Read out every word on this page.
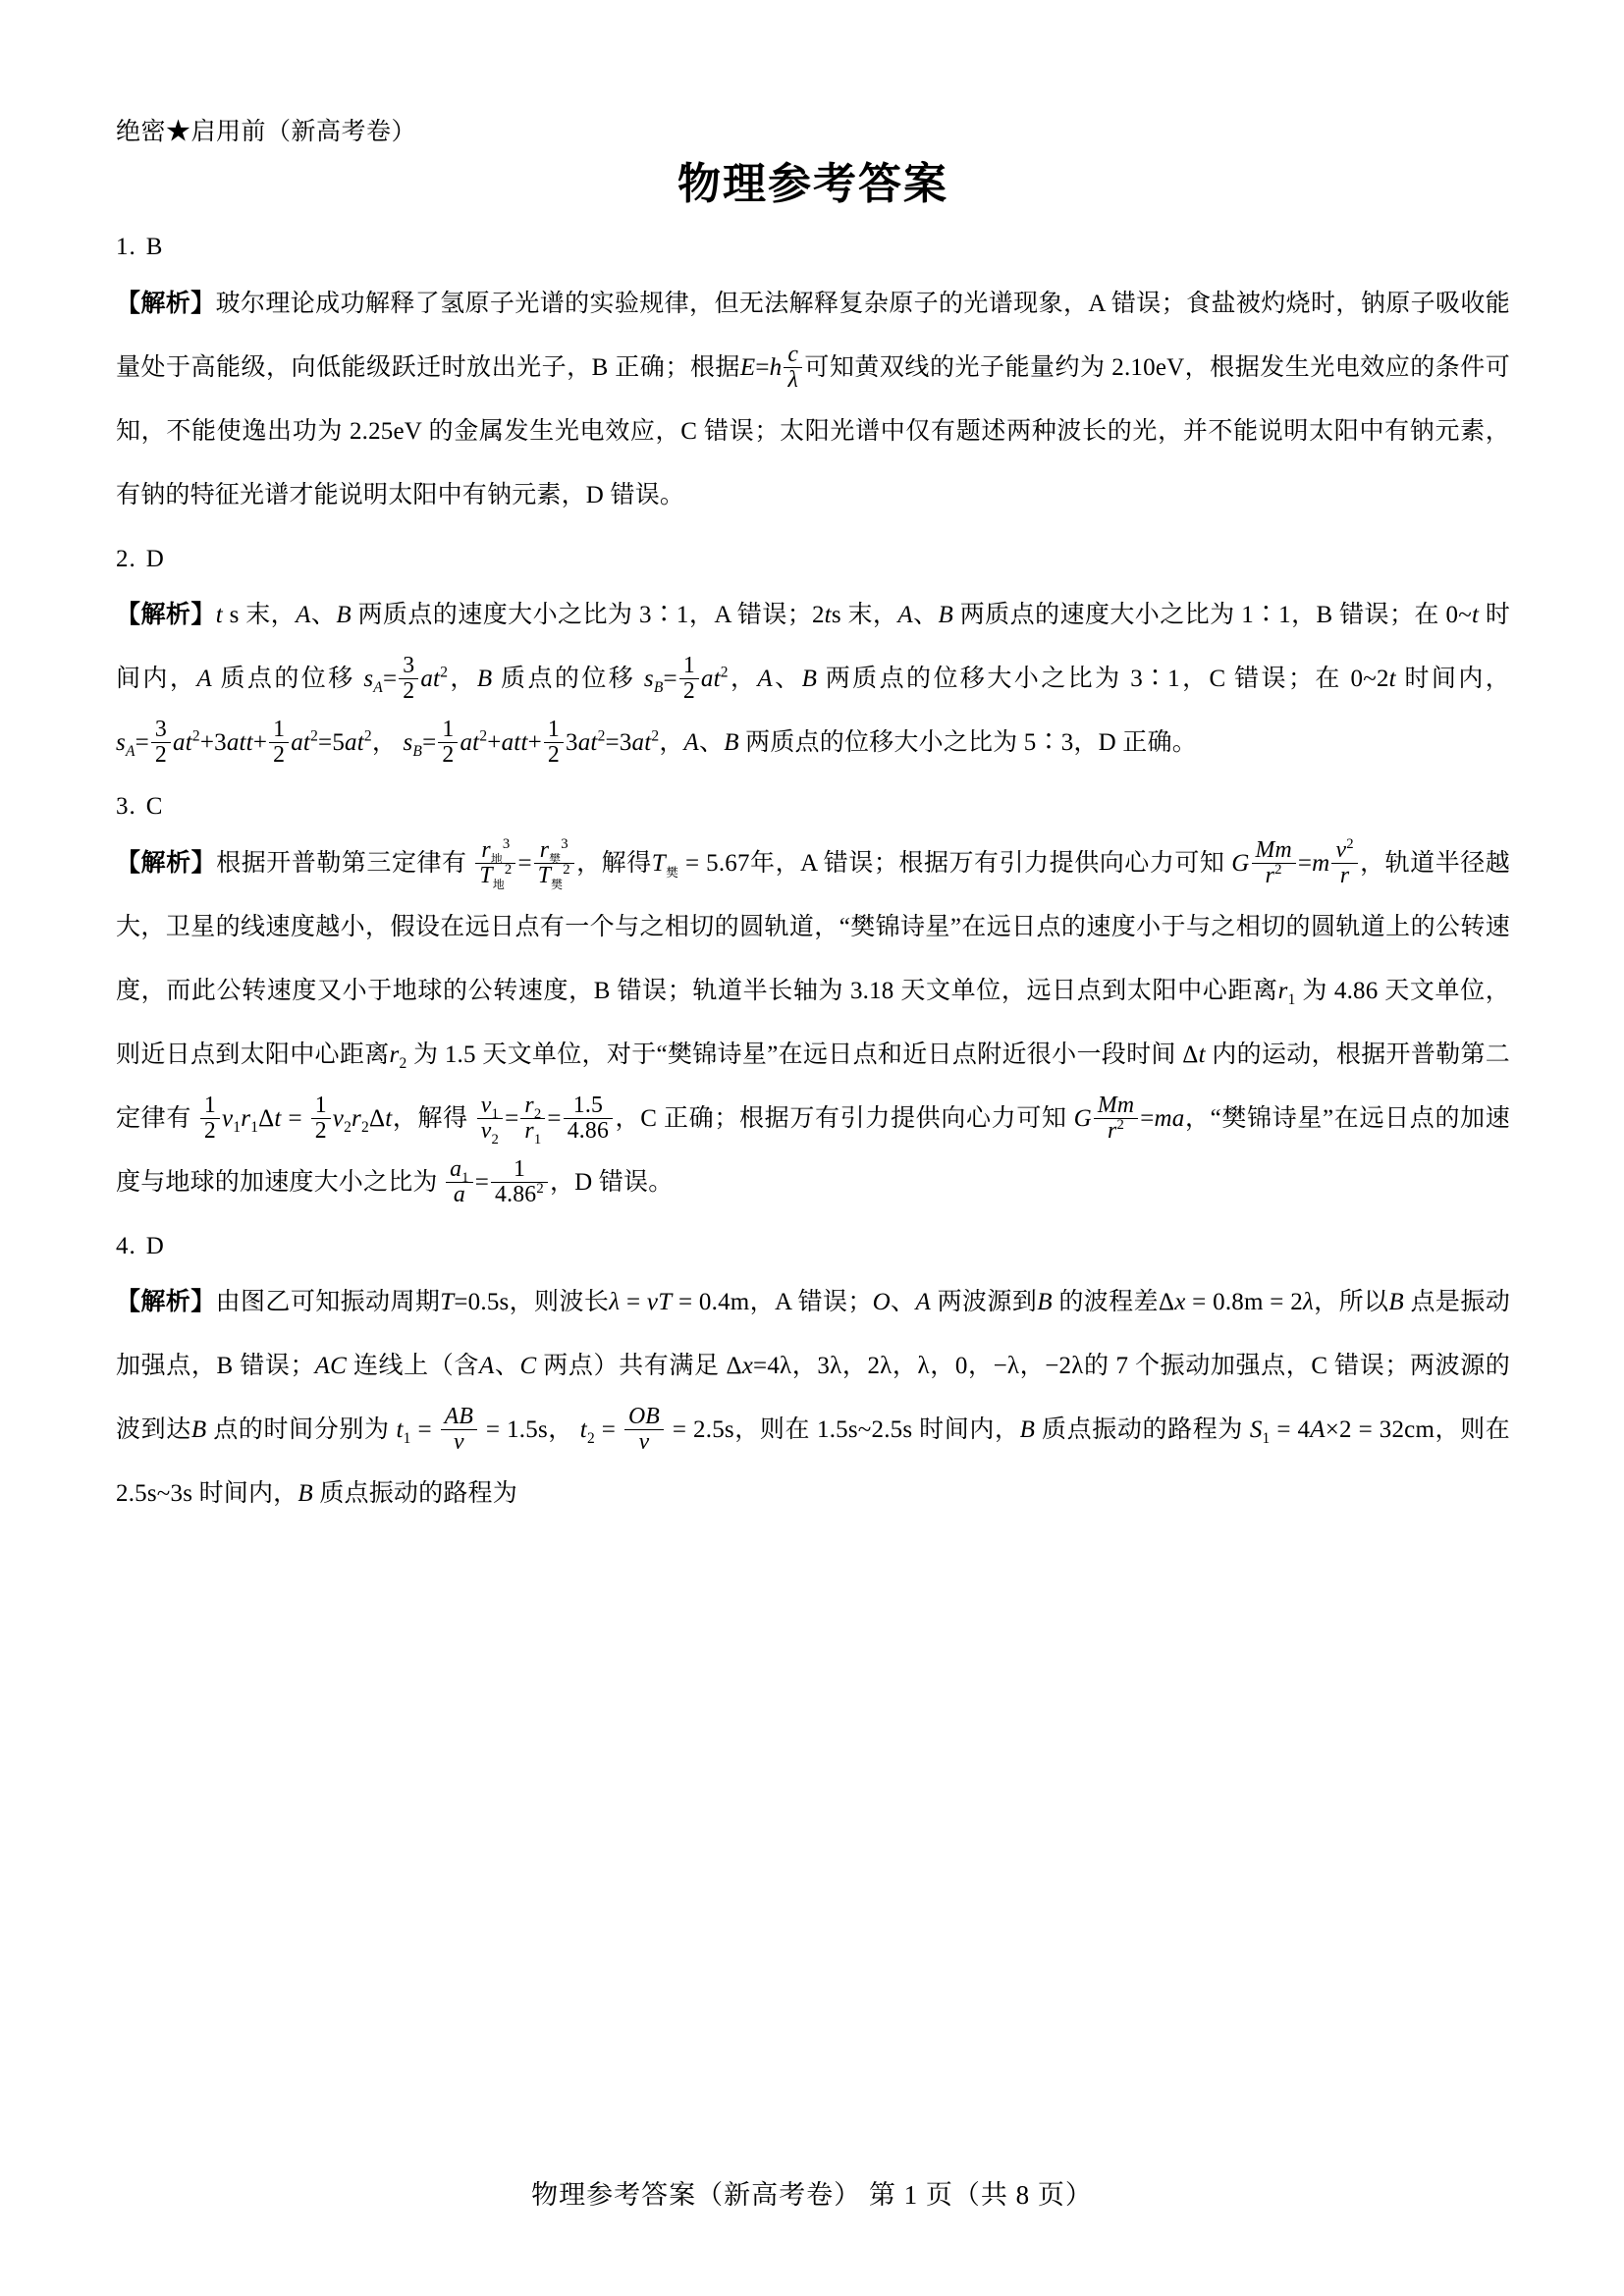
绝密★启用前（新高考卷）
物理参考答案
1. B

【解析】玻尔理论成功解释了氢原子光谱的实验规律，但无法解释复杂原子的光谱现象，A 错误；食盐被灼烧时，钠原子吸收能量处于高能级，向低能级跃迁时放出光子，B 正确；根据$E=h \frac{c}{\lambda}$ 可知黄双线的光子能量约为 2.10eV，根据发生光电效应的条件可知，不能使逸出功为 2.25eV 的金属发生光电效应，C 错误；太阳光谱中仅有题述两种波长的光，并不能说明太阳中有钠元素，有钠的特征光谱才能说明太阳中有钠元素，D 错误。

2. D

【解析】t s 末，A、B 两质点的速度大小之比为 3∶1，A 错误；2ts 末，A、B 两质点的速度大小之比为 1∶1，B 错误；在 0~t 时间内，A 质点的位移 $s_A= \frac{3}{2} at^2$，B 质点的位移 $s_B= \frac{1}{2} at^2$，A、B 两质点的位移大小之比为 3∶1，C 错误；在 0~2t 时间内， $s_A= \frac{3}{2} at^2+3att+ \frac{1}{2} at^2=5at^2$， $s_B= \frac{1}{2} at^2+att+ \frac{1}{2} 3at^2=3at^2$，A、B 两质点的位移大小之比为 5∶3，D 正确。

3. C

【解析】根据开普勒第三定律有 $\frac{r_地^3}{T_地^2} = \frac{r_樊^3}{T_樊^2}$ ，解得$T_樊 = 5.67$年，A 错误；根据万有引力提供向心力可知 G $\frac{Mm}{r^2} =m \frac{v^2}{r}$ ，轨道半径越大，卫星的线速度越小，假设在远日点有一个与之相切的圆轨道，“樊锦诗星”在远日点的速度小于与之相切的圆轨道上的公转速度，而此公转速度又小于地球的公转速度，B 错误；轨道半长轴为 3.18 天文单位，远日点到太阳中心距离$r_1$ 为 4.86 天文单位，则近日点到太阳中心距离$r_2$ 为 1.5 天文单位，对于“樊锦诗星”在远日点和近日点附近很小一段时间 Δt 内的运动，根据开普勒第二定律有 $\frac{1}{2} v_1r_1\Delta t = \frac{1}{2} v_2r_2\Delta t$，解得 $\frac{v_1}{v_2} = \frac{r_2}{r_1} = \frac{1.5}{4.86}$ ，C 正确；根据万有引力提供向心力可知 G $\frac{Mm}{r^2} =ma$，“樊锦诗星”在远日点的加速度与地球的加速度大小之比为 $\frac{a_1}{a} = \frac{1}{4.86^2}$ ，D 错误。

4. D

【解析】由图乙可知振动周期T=0.5s，则波长λ = vT = 0.4m，A 错误；O、A 两波源到B 的波程差Δx = 0.8m = 2λ，所以B 点是振动加强点，B 错误；AC 连线上（含A、C 两点）共有满足 Δx=4λ，3λ，2λ，λ，0，−λ，−2λ的 7 个振动加强点，C 错误；两波源的波到达B 点的时间分别为 $t_1 = \frac{AB}{v} = 1.5s$， $t_2 = \frac{OB}{v} = 2.5s$，则在 1.5s~2.5s 时间内，B 质点振动的路程为 $S_1 = 4A\times 2 = 32cm$，则在 2.5s~3s 时间内，B 质点振动的路程为

物理参考答案（新高考卷） 第 1 页（共 8 页）
